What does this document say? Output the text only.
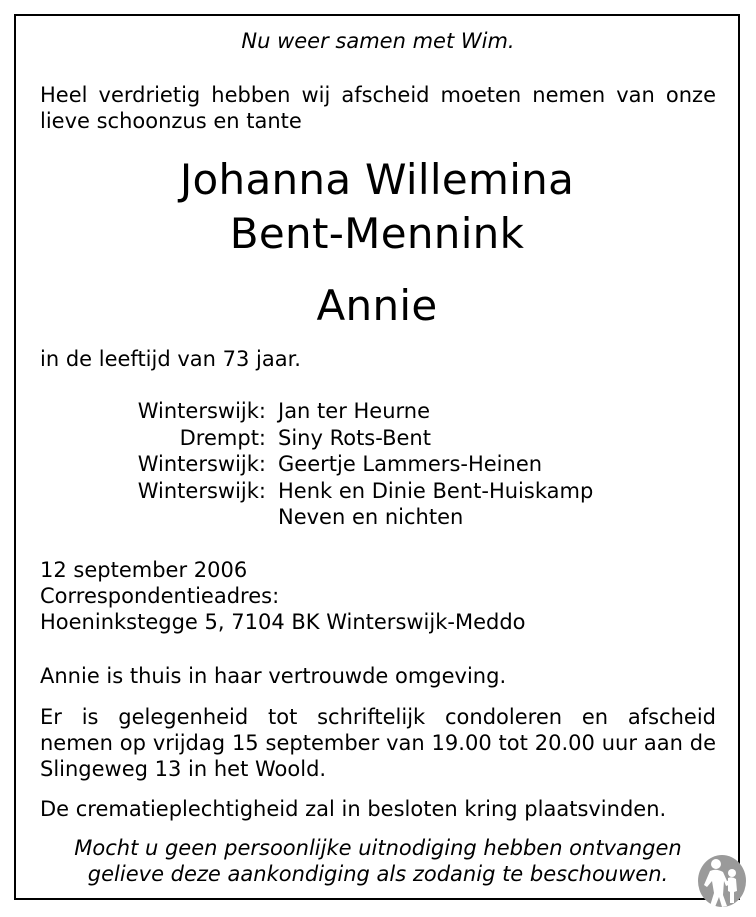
Nu weer samen met Wim.
Heel verdrietig hebben wij afscheid moeten nemen van onze
lieve schoonzus en tante
Johanna Willemina
Bent-Mennink
Annie
in de leeftijd van 73 jaar.
Winterswijk: Jan ter Heurne
Drempt: Siny Rots-Bent
Winterswijk: Geertje Lammers-Heinen
Winterswijk: Henk en Dinie Bent-Huiskamp
Neven en nichten
12 september 2006
Correspondentieadres:
Hoeninkstegge 5, 7104 BK Winterswijk-Meddo
Annie is thuis in haar vertrouwde omgeving.
Er is gelegenheid tot schriftelijk condoleren en afscheid
nemen op vrijdag 15 september van 19.00 tot 20.00 uur aan de
Slingeweg 13 in het Woold.
De crematieplechtigheid zal in besloten kring plaatsvinden.
Mocht u geen persoonlijke uitnodiging hebben ontvangen
gelieve deze aankondiging als zodanig te beschouwen.
